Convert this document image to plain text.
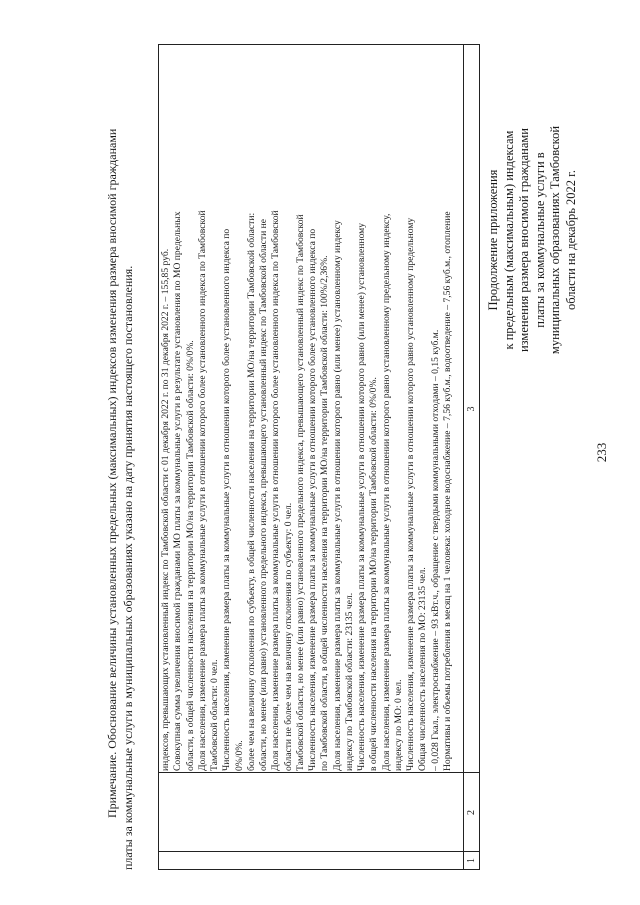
233
Продолжение приложения к предельным (максимальным) индексам изменения размера вносимой гражданами платы за коммунальные услуги в муниципальных образованиях Тамбовской области на декабрь 2022 г.
1
2
3
индексов, превышающих установленный индекс по Тамбовской области с 01 декабря 2022 г. по 31 декабря 2022 г. – 155,85 руб. Совокупная сумма увеличения вносимой гражданами МО платы за коммунальные услуги в результате установления по МО предельных области, в общей численности населения на территории МО/на территории Тамбовской области: 0%/0%. Доля населения, изменение размера платы за коммунальные услуги в отношении которого более установленного индекса по Тамбовской Тамбовской области: 0 чел. Численность населения, изменение размера платы за коммунальные услуги в отношении которого более установленного индекса по 0%/0%. более чем на величину отклонения по субъекту, в общей численности населения на территории МО/на территории Тамбовской области: области, но менее (или равно) установленного предельного индекса, превышающего установленный индекс по Тамбовской области не Доля населения, изменение размера платы за коммунальные услуги в отношении которого более установленного индекса по Тамбовской области не более чем на величину отклонения по субъекту: 0 чел. Тамбовской области, но менее (или равно) установленного предельного индекса, превышающего установленный индекс по Тамбовской Численность населения, изменение размера платы за коммунальные услуги в отношении которого более установленного индекса по по Тамбовской области, в общей численности населения на территории МО/на территории Тамбовской области: 100%/2,36%. Доля населения, изменение размера платы за коммунальные услуги в отношении которого равно (или менее) установленному индексу индексу по Тамбовской области: 23135 чел. Численность населения, изменение размера платы за коммунальные услуги в отношении которого равно (или менее) установленному в общей численности населения на территории МО/на территории Тамбовской области: 0%/0%. Доля населения, изменение размера платы за коммунальные услуги в отношении которого равно установленному предельному индексу, индексу по МО: 0 чел. Численность населения, изменение размера платы за коммунальные услуги в отношении которого равно установленному предельному Общая численность населения по МО: 23135 чел. – 0,028 Гкал., электроснабжение – 93 кВт.ч., обращение с твердыми коммунальными отходами – 0,15 куб.м. Нормативы и объемы потребления в месяц на 1 человека: холодное водоснабжение – 7,56 куб.м., водоотведение – 7,56 куб.м., отопление
Примечание. Обоснование величины установленных предельных (максимальных) индексов изменения размера вносимой гражданами платы за коммунальные услуги в муниципальных образованиях указано на дату принятия настоящего постановления.
